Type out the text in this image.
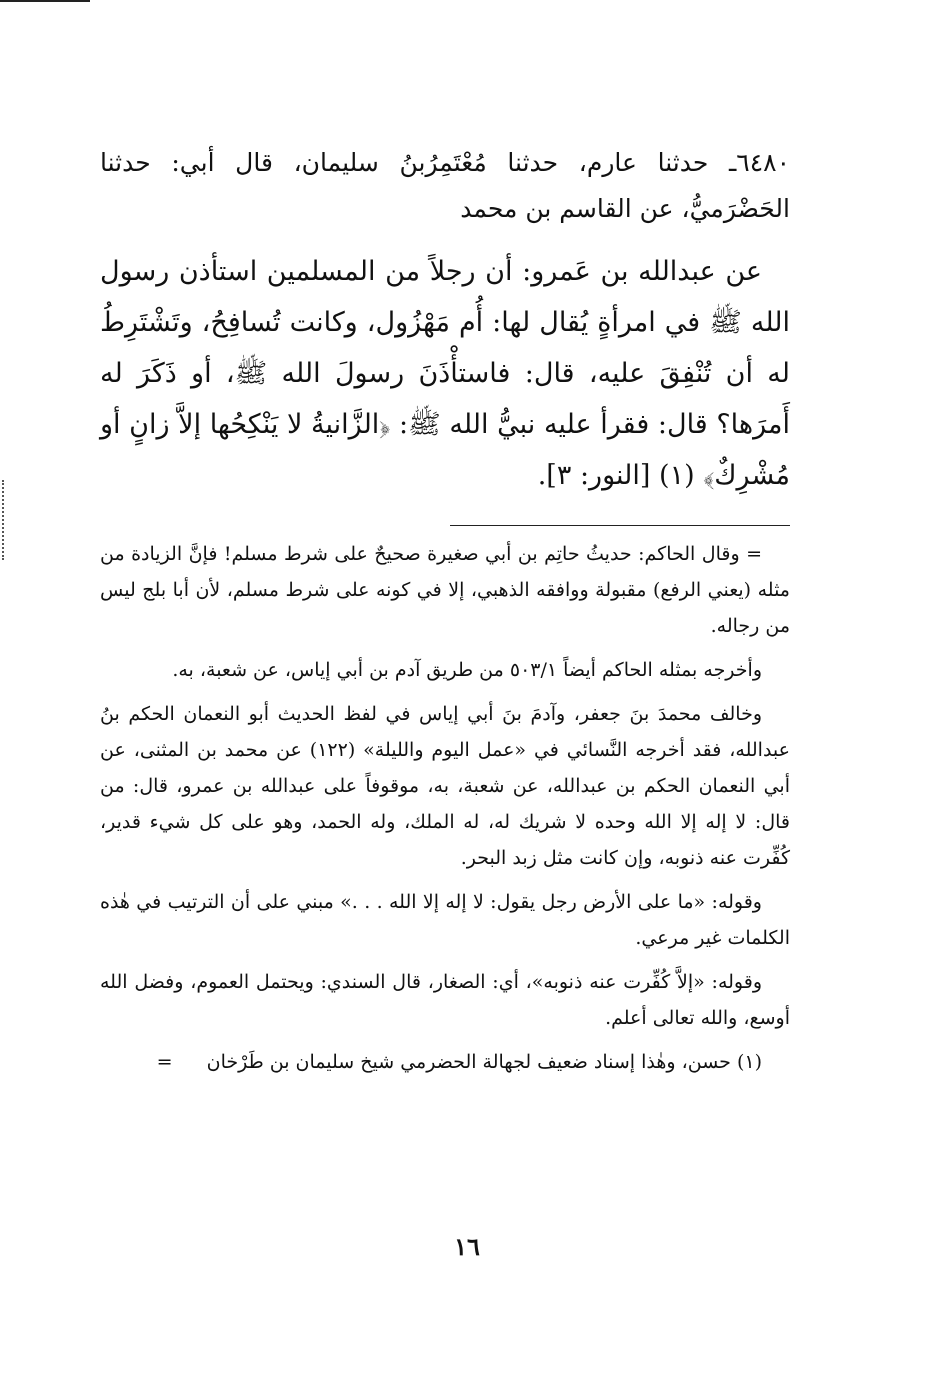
٦٤٨٠ـ حدثنا عارم، حدثنا مُعْتَمِرُبنُ سليمان، قال أبي: حدثنا الحَضْرَميُّ، عن القاسم بن محمد

عن عبدالله بن عَمرو: أن رجلاً من المسلمين استأذن رسول الله ﷺ في امرأةٍ يُقال لها: أُم مَهْزُول، وكانت تُسافِحُ، وتَشْتَرِطُ له أن تُنْفِقَ عليه، قال: فاستأْذَنَ رسولَ الله ﷺ، أو ذَكَرَ له أَمرَها؟ قال: فقرأ عليه نبيُّ الله ﷺ: ﴿الزَّانيةُ لا يَنْكِحُها إلاَّ زانٍ أو مُشْرِكٌ﴾ (١) [النور: ٣].

= وقال الحاكم: حديثُ حاتِم بن أبي صغيرة صحيحٌ على شرط مسلم! فإنَّ الزيادة من مثله (يعني الرفع) مقبولة ووافقه الذهبي، إلا في كونه على شرط مسلم، لأن أبا بلج ليس من رجاله.

وأخرجه بمثله الحاكم أيضاً ٥٠٣/١ من طريق آدم بن أبي إياس، عن شعبة، به.

وخالف محمدَ بنَ جعفر، وآدمَ بنَ أبي إياس في لفظ الحديث أبو النعمان الحكم بنُ عبدالله، فقد أخرجه النَّسائي في «عمل اليوم والليلة» (١٢٢) عن محمد بن المثنى، عن أبي النعمان الحكم بن عبدالله، عن شعبة، به، موقوفاً على عبدالله بن عمرو، قال: من قال: لا إله إلا الله وحده لا شريك له، له الملك، وله الحمد، وهو على كل شيء قدير، كُفِّرت عنه ذنوبه، وإن كانت مثل زبد البحر.

وقوله: «ما على الأرض رجل يقول: لا إله إلا الله . . .» مبني على أن الترتيب في هٰذه الكلمات غير مرعي.

وقوله: «إلاَّ كُفِّرت عنه ذنوبه»، أي: الصغار، قال السندي: ويحتمل العموم، وفضل الله أوسع، والله تعالى أعلم.

(١) حسن، وهٰذا إسناد ضعيف لجهالة الحضرمي شيخ سليمان بن طَرْخان =

١٦
